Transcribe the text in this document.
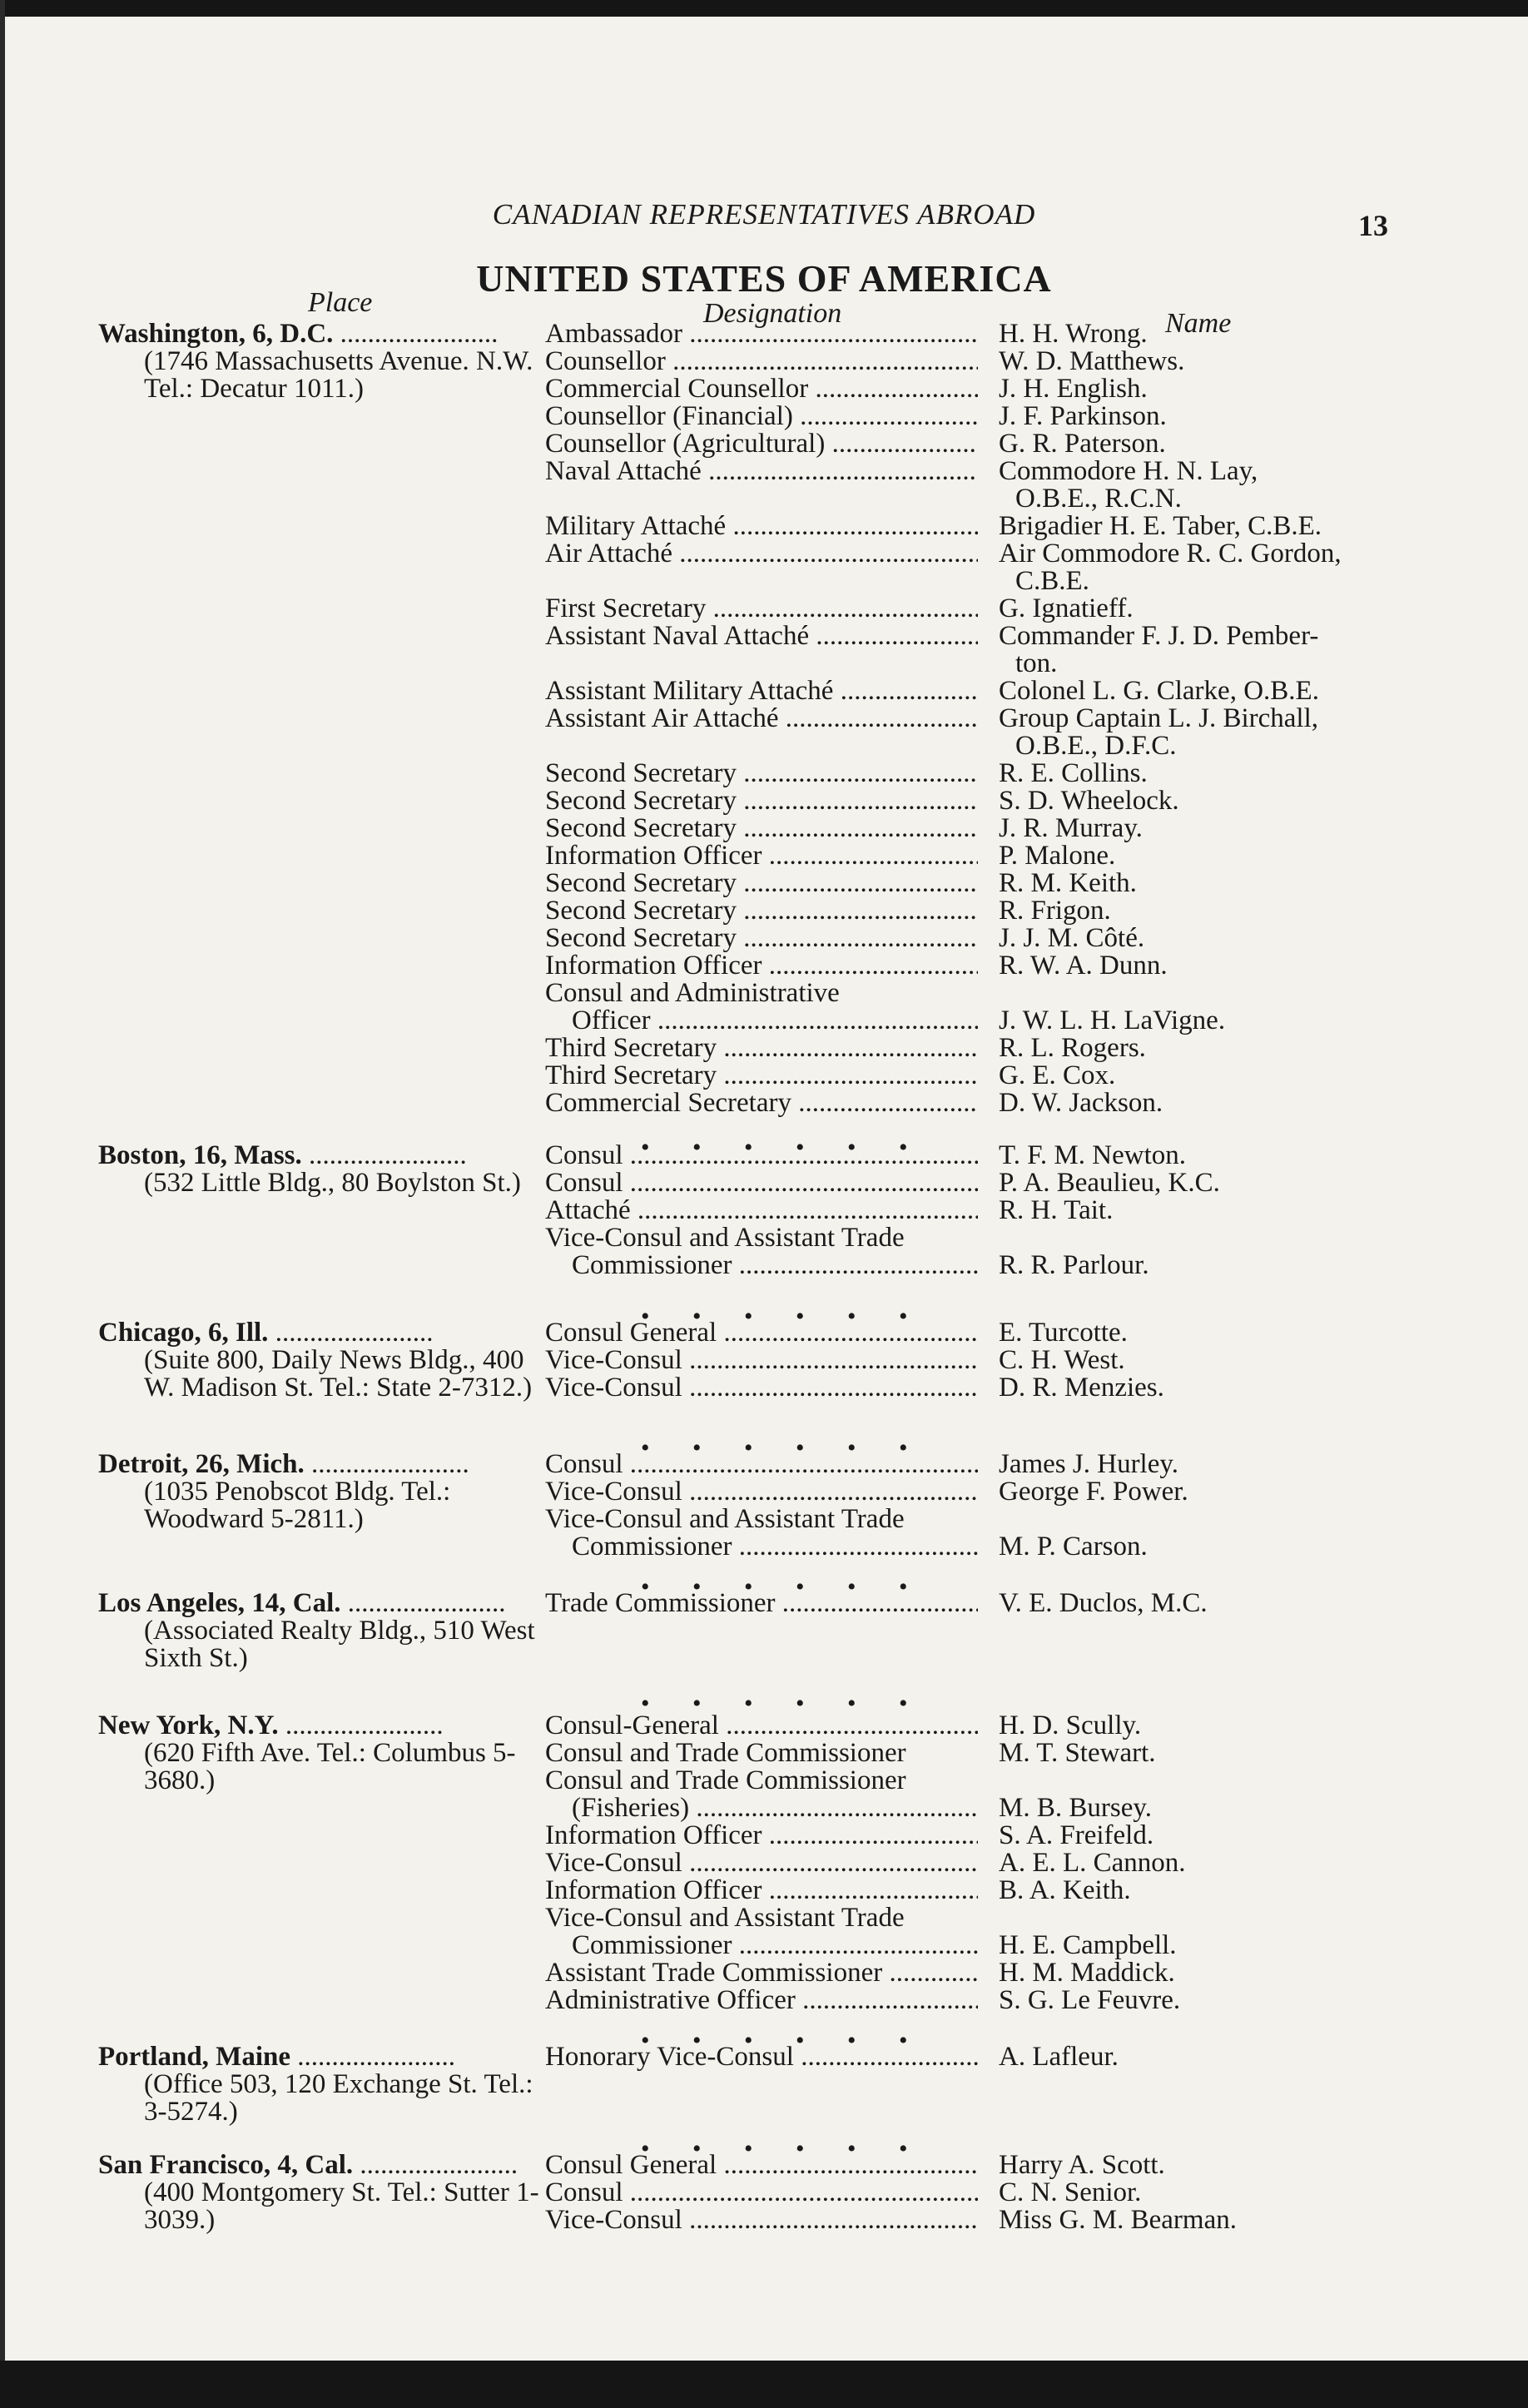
CANADIAN REPRESENTATIVES ABROAD	13
UNITED STATES OF AMERICA
Place	Designation	Name
Washington, 6, D.C. .....
(1746 Massachusetts Avenue. N.W. Tel.: Decatur 1011.)
Ambassador .....	H. H. Wrong.
Counsellor .....	W. D. Matthews.
Commercial Counsellor .....	J. H. English.
Counsellor (Financial) .....	J. F. Parkinson.
Counsellor (Agricultural) .....	G. R. Paterson.
Naval Attaché .....	Commodore H. N. Lay,
O.B.E., R.C.N.
Military Attaché .....	Brigadier H. E. Taber, C.B.E.
Air Attaché .....	Air Commodore R. C. Gordon,
C.B.E.
First Secretary .....	G. Ignatieff.
Assistant Naval Attaché .....	Commander F. J. D. Pember-
ton.
Assistant Military Attaché .....	Colonel L. G. Clarke, O.B.E.
Assistant Air Attaché .....	Group Captain L. J. Birchall,
O.B.E., D.F.C.
Second Secretary .....	R. E. Collins.
Second Secretary .....	S. D. Wheelock.
Second Secretary .....	J. R. Murray.
Information Officer .....	P. Malone.
Second Secretary .....	R. M. Keith.
Second Secretary .....	R. Frigon.
Second Secretary .....	J. J. M. Côté.
Information Officer .....	R. W. A. Dunn.
Consul and Administrative
Officer .....	J. W. L. H. LaVigne.
Third Secretary .....	R. L. Rogers.
Third Secretary .....	G. E. Cox.
Commercial Secretary .....	D. W. Jackson.
Boston, 16, Mass. .....
(532 Little Bldg., 80 Boylston St.)
Consul .....	T. F. M. Newton.
Consul .....	P. A. Beaulieu, K.C.
Attaché .....	R. H. Tait.
Vice-Consul and Assistant Trade
Commissioner .....	R. R. Parlour.
Chicago, 6, Ill. .....
(Suite 800, Daily News Bldg., 400 W. Madison St. Tel.: State 2-7312.)
Consul General .....	E. Turcotte.
Vice-Consul .....	C. H. West.
Vice-Consul .....	D. R. Menzies.
Detroit, 26, Mich. .....
(1035 Penobscot Bldg. Tel.: Woodward 5-2811.)
Consul .....	James J. Hurley.
Vice-Consul .....	George F. Power.
Vice-Consul and Assistant Trade
Commissioner .....	M. P. Carson.
Los Angeles, 14, Cal. .....
(Associated Realty Bldg., 510 West Sixth St.)
Trade Commissioner .....	V. E. Duclos, M.C.
New York, N.Y. .....
(620 Fifth Ave. Tel.: Columbus 5-3680.)
Consul-General .....	H. D. Scully.
Consul and Trade Commissioner	M. T. Stewart.
Consul and Trade Commissioner
(Fisheries) .....	M. B. Bursey.
Information Officer .....	S. A. Freifeld.
Vice-Consul .....	A. E. L. Cannon.
Information Officer .....	B. A. Keith.
Vice-Consul and Assistant Trade
Commissioner .....	H. E. Campbell.
Assistant Trade Commissioner .....	H. M. Maddick.
Administrative Officer .....	S. G. Le Feuvre.
Portland, Maine .....
(Office 503, 120 Exchange St. Tel.: 3-5274.)
Honorary Vice-Consul .....	A. Lafleur.
San Francisco, 4, Cal. .....
(400 Montgomery St. Tel.: Sutter 1-3039.)
Consul General .....	Harry A. Scott.
Consul .....	C. N. Senior.
Vice-Consul .....	Miss G. M. Bearman.
• • • • • •
• • • • • •
• • • • • •
• • • • • •
• • • • • •
• • • • • •
• • • • • •
